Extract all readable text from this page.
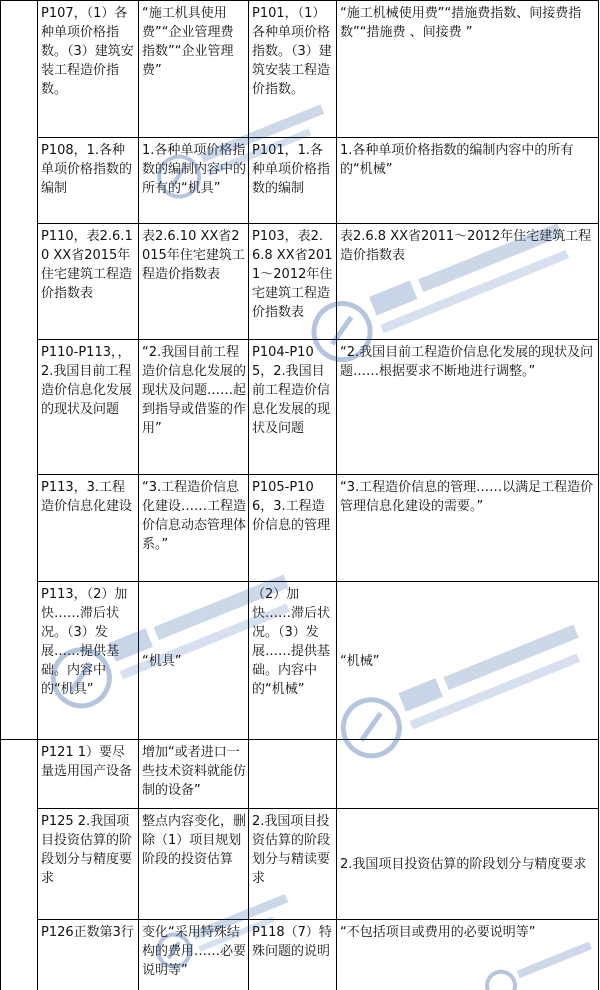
	P107，（1）各种单项价格指数。（3）建筑安装工程造价指数。	“施工机具使用费”“企业管理费指数”“企业管理费”	P101，（1）各种单项价格指数。（3）建筑安装工程造价指数。	“施工机械使用费”“措施费指数、间接费指数”“措施费 、间接费 ”
	P108，1.各种单项价格指数的编制	1.各种单项价格指数的编制内容中的所有的“机具”	P101，1.各种单项价格指数的编制	1.各种单项价格指数的编制内容中的所有的“机械”
	P110，表2.6.10 XX省2015年住宅建筑工程造价指数表	表2.6.10 XX省2015年住宅建筑工程造价指数表	P103，表2.6.8 XX省2011～2012年住宅建筑工程造价指数表	表2.6.8 XX省2011～2012年住宅建筑工程造价指数表
	P110-P113，，2.我国目前工程造价信息化发展的现状及问题	“2.我国目前工程造价信息化发展的现状及问题……起到指导或借鉴的作用”	P104-P105，2.我国目前工程造价信息化发展的现状及问题	“2.我国目前工程造价信息化发展的现状及问题……根据要求不断地进行调整。”
	P113，3.工程造价信息化建设	“3.工程造价信息化建设……工程造价信息动态管理体系。”	P105-P106，3.工程造价信息的管理	“3.工程造价信息的管理……以满足工程造价管理信息化建设的需要。”
	P113，（2）加快……滞后状况。（3）发展……提供基础。内容中的“机具”	“机具”	（2）加快……滞后状况。（3）发展……提供基础。内容中的“机械”	“机械”
	P121 1）要尽量选用国产设备	增加“或者进口一些技术资料就能仿制的设备”		
	P125 2.我国项目投资估算的阶段划分与精度要求	整点内容变化，删除（1）项目规划阶段的投资估算	2.我国项目投资估算的阶段划分与精读要求	2.我国项目投资估算的阶段划分与精度要求
	P126正数第3行	变化“采用特殊结构的费用……必要说明等”	P118（7）特殊问题的说明	“不包括项目或费用的必要说明等”
